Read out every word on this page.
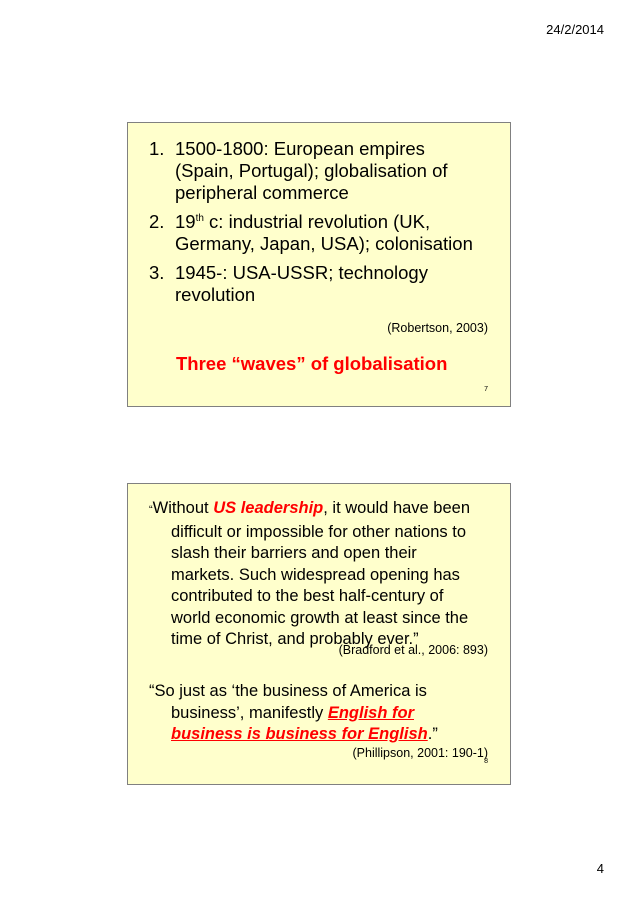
24/2/2014
1. 1500-1800: European empires
(Spain, Portugal); globalisation of
peripheral commerce
2. 19th c: industrial revolution (UK,
Germany, Japan, USA); colonisation
3. 1945-: USA-USSR; technology
revolution
(Robertson, 2003)
Three “waves” of globalisation
7
“Without US leadership, it would have been
difficult or impossible for other nations to
slash their barriers and open their
markets. Such widespread opening has
contributed to the best half-century of
world economic growth at least since the
time of Christ, and probably ever.”
(Bradford et al., 2006: 893)
“So just as ‘the business of America is
business’, manifestly English for
business is business for English.”
(Phillipson, 2001: 190-1)
8
4
